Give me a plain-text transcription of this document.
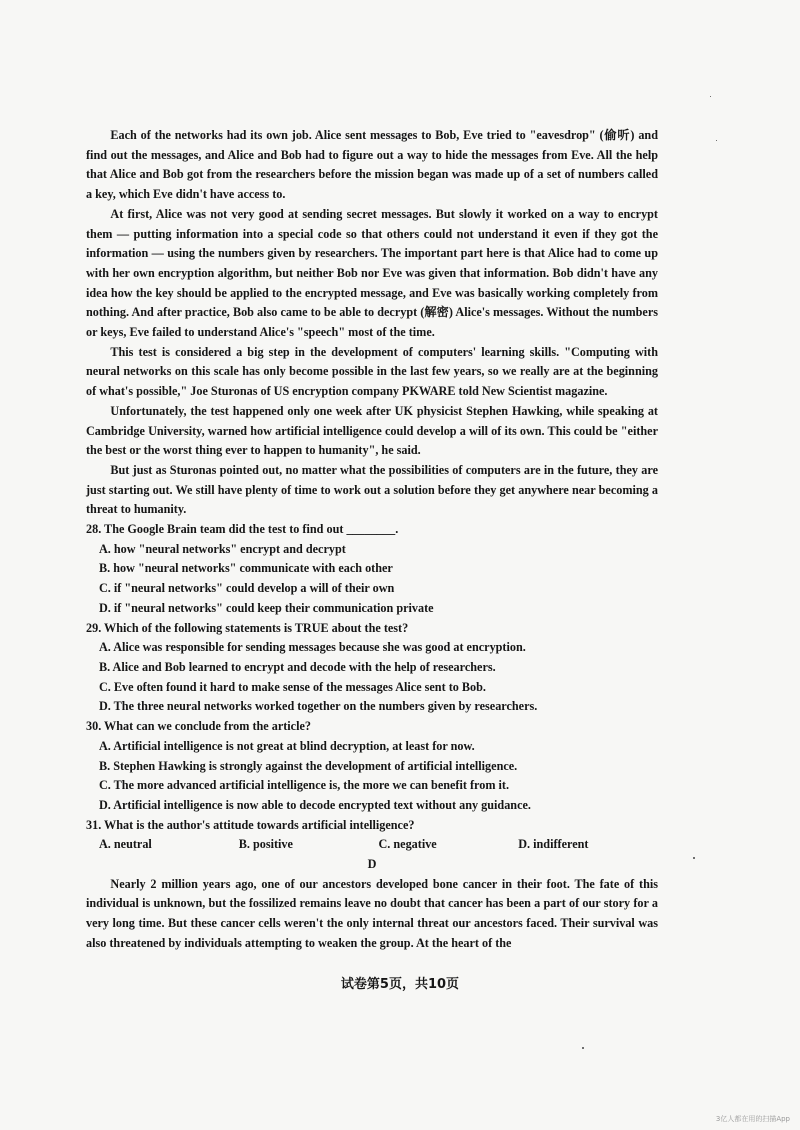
Each of the networks had its own job. Alice sent messages to Bob, Eve tried to "eavesdrop" (偷听) and find out the messages, and Alice and Bob had to figure out a way to hide the messages from Eve. All the help that Alice and Bob got from the researchers before the mission began was made up of a set of numbers called a key, which Eve didn't have access to.

At first, Alice was not very good at sending secret messages. But slowly it worked on a way to encrypt them — putting information into a special code so that others could not understand it even if they got the information — using the numbers given by researchers. The important part here is that Alice had to come up with her own encryption algorithm, but neither Bob nor Eve was given that information. Bob didn't have any idea how the key should be applied to the encrypted message, and Eve was basically working completely from nothing. And after practice, Bob also came to be able to decrypt (解密) Alice's messages. Without the numbers or keys, Eve failed to understand Alice's "speech" most of the time.

This test is considered a big step in the development of computers' learning skills. "Computing with neural networks on this scale has only become possible in the last few years, so we really are at the beginning of what's possible," Joe Sturonas of US encryption company PKWARE told New Scientist magazine.

Unfortunately, the test happened only one week after UK physicist Stephen Hawking, while speaking at Cambridge University, warned how artificial intelligence could develop a will of its own. This could be "either the best or the worst thing ever to happen to humanity", he said.

But just as Sturonas pointed out, no matter what the possibilities of computers are in the future, they are just starting out. We still have plenty of time to work out a solution before they get anywhere near becoming a threat to humanity.

28. The Google Brain team did the test to find out ________.
A. how "neural networks" encrypt and decrypt
B. how "neural networks" communicate with each other
C. if "neural networks" could develop a will of their own
D. if "neural networks" could keep their communication private
29. Which of the following statements is TRUE about the test?
A. Alice was responsible for sending messages because she was good at encryption.
B. Alice and Bob learned to encrypt and decode with the help of researchers.
C. Eve often found it hard to make sense of the messages Alice sent to Bob.
D. The three neural networks worked together on the numbers given by researchers.
30. What can we conclude from the article?
A. Artificial intelligence is not great at blind decryption, at least for now.
B. Stephen Hawking is strongly against the development of artificial intelligence.
C. The more advanced artificial intelligence is, the more we can benefit from it.
D. Artificial intelligence is now able to decode encrypted text without any guidance.
31. What is the author's attitude towards artificial intelligence?
A. neutral	B. positive	C. negative	D. indifferent
D

Nearly 2 million years ago, one of our ancestors developed bone cancer in their foot. The fate of this individual is unknown, but the fossilized remains leave no doubt that cancer has been a part of our story for a very long time. But these cancer cells weren't the only internal threat our ancestors faced. Their survival was also threatened by individuals attempting to weaken the group. At the heart of the

试卷第5页，共10页
3亿人都在用的扫描App
